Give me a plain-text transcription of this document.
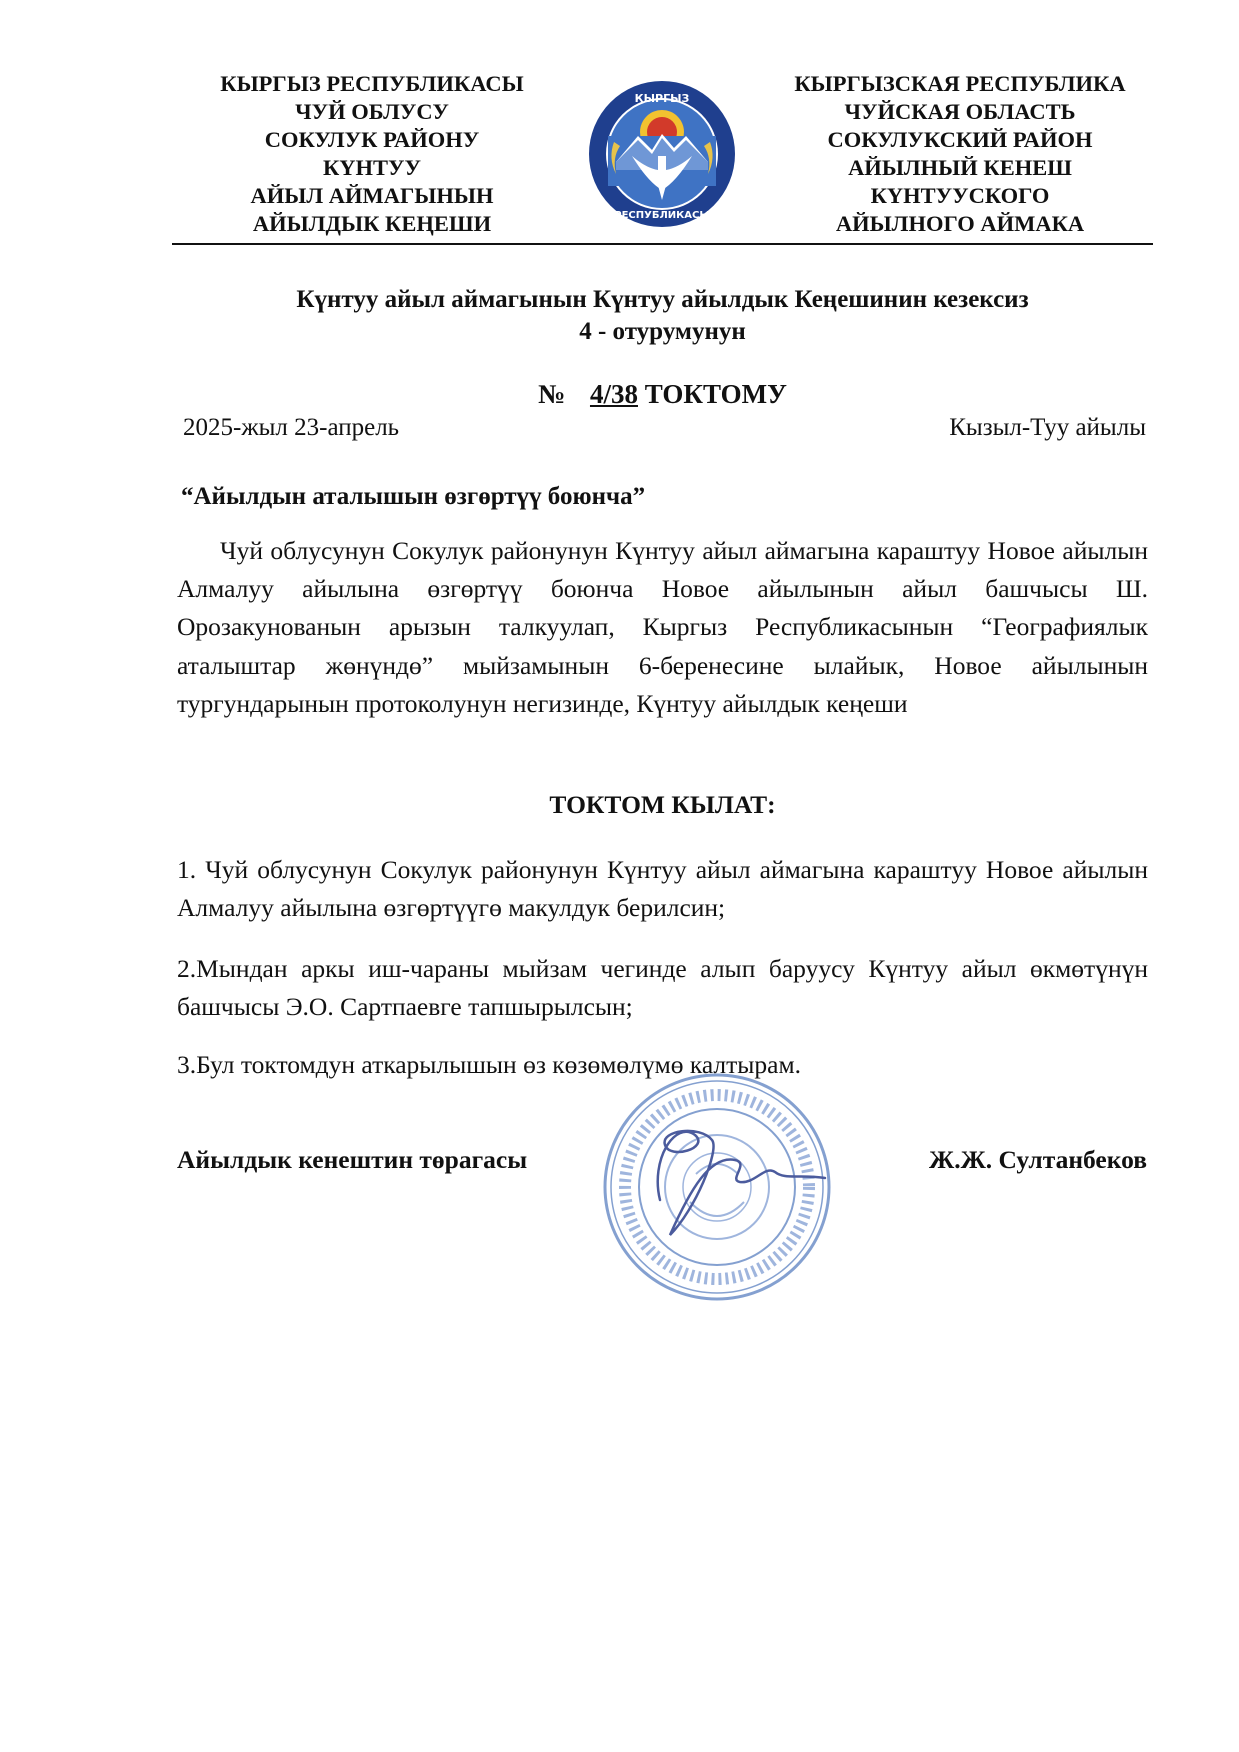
КЫРГЫЗ РЕСПУБЛИКАСЫ
ЧУЙ ОБЛУСУ
СОКУЛУК РАЙОНУ
КҮНТУУ
АЙЫЛ АЙМАГЫНЫН
АЙЫЛДЫК КЕҢЕШИ
КЫРГЫЗ
РЕСПУБЛИКАСЫ
КЫРГЫЗСКАЯ РЕСПУБЛИКА
ЧУЙСКАЯ ОБЛАСТЬ
СОКУЛУКСКИЙ РАЙОН
АЙЫЛНЫЙ КЕНЕШ
КҮНТУУСКОГО
АЙЫЛНОГО АЙМАКА
Күнтуу айыл аймагынын Күнтуу айылдык Кеңешинин кезексиз
4 - отурумунун
№ 4/38 ТОКТОМУ
2025-жыл 23-апрель	Кызыл-Туу айылы
“Айылдын аталышын өзгөртүү боюнча”
Чуй облусунун Сокулук районунун Күнтуу айыл аймагына караштуу Новое айылын Алмалуу айылына өзгөртүү боюнча Новое айылынын айыл башчысы Ш. Орозакунованын арызын талкуулап, Кыргыз Республикасынын “Географиялык аталыштар жөнүндө” мыйзамынын 6-беренесине ылайык, Новое айылынын тургундарынын протоколунун негизинде, Күнтуу айылдык кеңеши
ТОКТОМ КЫЛАТ:
1. Чуй облусунун Сокулук районунун Күнтуу айыл аймагына караштуу Новое айылын Алмалуу айылына өзгөртүүгө макулдук берилсин;
2.Мындан аркы иш-чараны мыйзам чегинде алып баруусу Күнтуу айыл өкмөтүнүн башчысы Э.О. Сартпаевге тапшырылсын;
3.Бул токтомдун аткарылышын өз көзөмөлүмө калтырам.
Айылдык кенештин төрагасы	Ж.Ж. Султанбеков
